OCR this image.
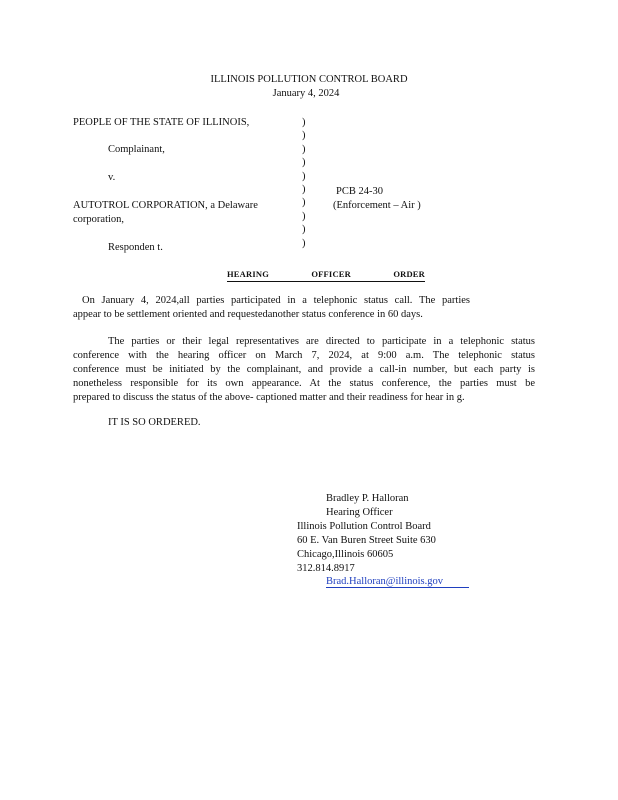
ILLINOIS POLLUTION CONTROL BOARD
January 4, 2024
PEOPLE OF THE STATE OF ILLINOIS,
Complainant,
v.
AUTOTROL CORPORATION, a Delaware
corporation,
Responden t.
)
)
)
)
)
)
)
)
)
)
PCB 24-30
(Enforcement – Air )
HEARING OFFICER ORDER
On January 4, 2024,all parties participated in a telephonic status call. The parties
appear to be settlement oriented and requestedanother status conference in 60 days.
The parties or their legal representatives are directed to participate in a telephonic status
conference with the hearing officer on March 7, 2024, at 9:00 a.m. The telephonic status
conference must be initiated by the complainant, and provide a call-in number, but each party is
nonetheless responsible for its own appearance. At the status conference, the parties must be
prepared to discuss the status of the above- captioned matter and their readiness for hear in g.
IT IS SO ORDERED.
Bradley P. Halloran
Hearing Officer
Illinois Pollution Control Board
60 E. Van Buren Street Suite 630
Chicago,Illinois 60605
312.814.8917
Brad.Halloran@illinois.gov
